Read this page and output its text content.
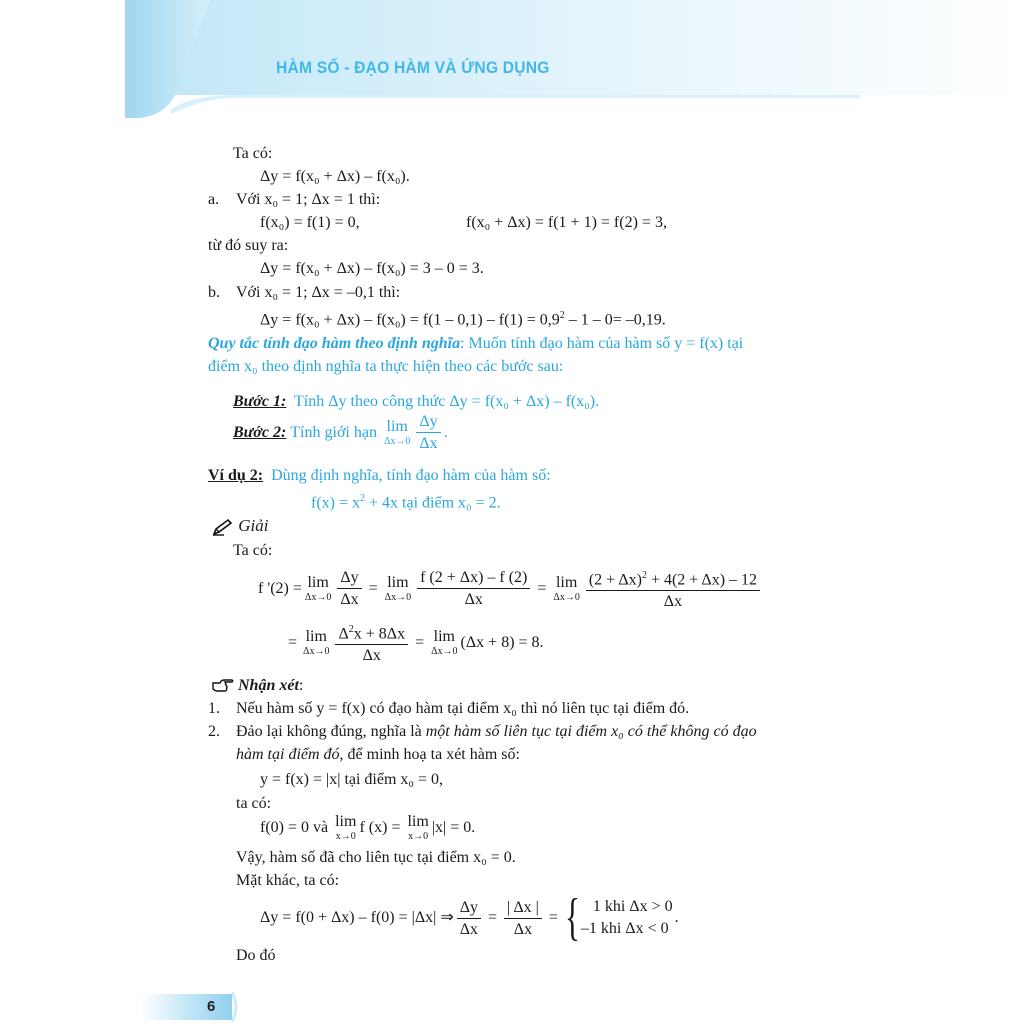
HÀM SỐ - ĐẠO HÀM VÀ ỨNG DỤNG
Ta có:
Δy = f(x₀ + Δx) – f(x₀).
a. Với x₀ = 1; Δx = 1 thì:
f(x₀) = f(1) = 0,	f(x₀ + Δx) = f(1 + 1) = f(2) = 3,
từ đó suy ra:
Δy = f(x₀ + Δx) – f(x₀) = 3 – 0 = 3.
b. Với x₀ = 1; Δx = –0,1 thì:
$\Delta y = f(x_0 + \Delta x) - f(x_0) = f(1 - 0,1) - f(1) = 0,9^2 - 1 - 0= -0,19$.
Quy tắc tính đạo hàm theo định nghĩa: Muốn tính đạo hàm của hàm số y = f(x) tại
điểm x₀ theo định nghĩa ta thực hiện theo các bước sau:
Bước 1: Tính Δy theo công thức Δy = f(x₀ + Δx) – f(x₀).
Bước 2:
Tính giới hạn
lim
$\Delta x\to 0 \frac{\Delta y}{\Delta x}$ .
Ví dụ 2: Dùng định nghĩa, tính đạo hàm của hàm số:
$f(x) = x^2 + 4x$ tại điểm x₀ = 2.
Giải
Ta có:
f '(2) = lim
$\Delta x\to 0 \frac{\Delta y}{\Delta x} = \lim$
$\Delta x\to 0 \frac{f (2 + \Delta x) - f (2)}{\Delta x} = \lim$
$\Delta x\to 0 \frac{(2 + \Delta x)^2 + 4(2 + \Delta x) - 12}{\Delta x}$
= lim
$\Delta x\to 0 \frac{\Delta^2x + 8\Delta x}{\Delta x} = \lim$
Δx→0
(Δx + 8) = 8.
Nhận xét:
1. Nếu hàm số y = f(x) có đạo hàm tại điểm x₀ thì nó liên tục tại điểm đó.
2. Đảo lại không đúng, nghĩa là một hàm số liên tục tại điểm x₀ có thể không có đạo
hàm tại điểm đó, để minh hoạ ta xét hàm số:
y = f(x) = |x| tại điểm x₀ = 0,
ta có:
f(0) = 0 và
lim
x→0
f (x) = lim
x→0
|x| = 0.
Vậy, hàm số đã cho liên tục tại điểm x₀ = 0.
Mặt khác, ta có:
Δy = f(0 + Δx) – f(0) = |Δx| ⇒ $\frac{\Delta y}{\Delta x} = \frac{| \Delta x |}{\Delta x}$ = { 1 khi Δx > 0
–1 khi Δx < 0
.
Do đó
6
